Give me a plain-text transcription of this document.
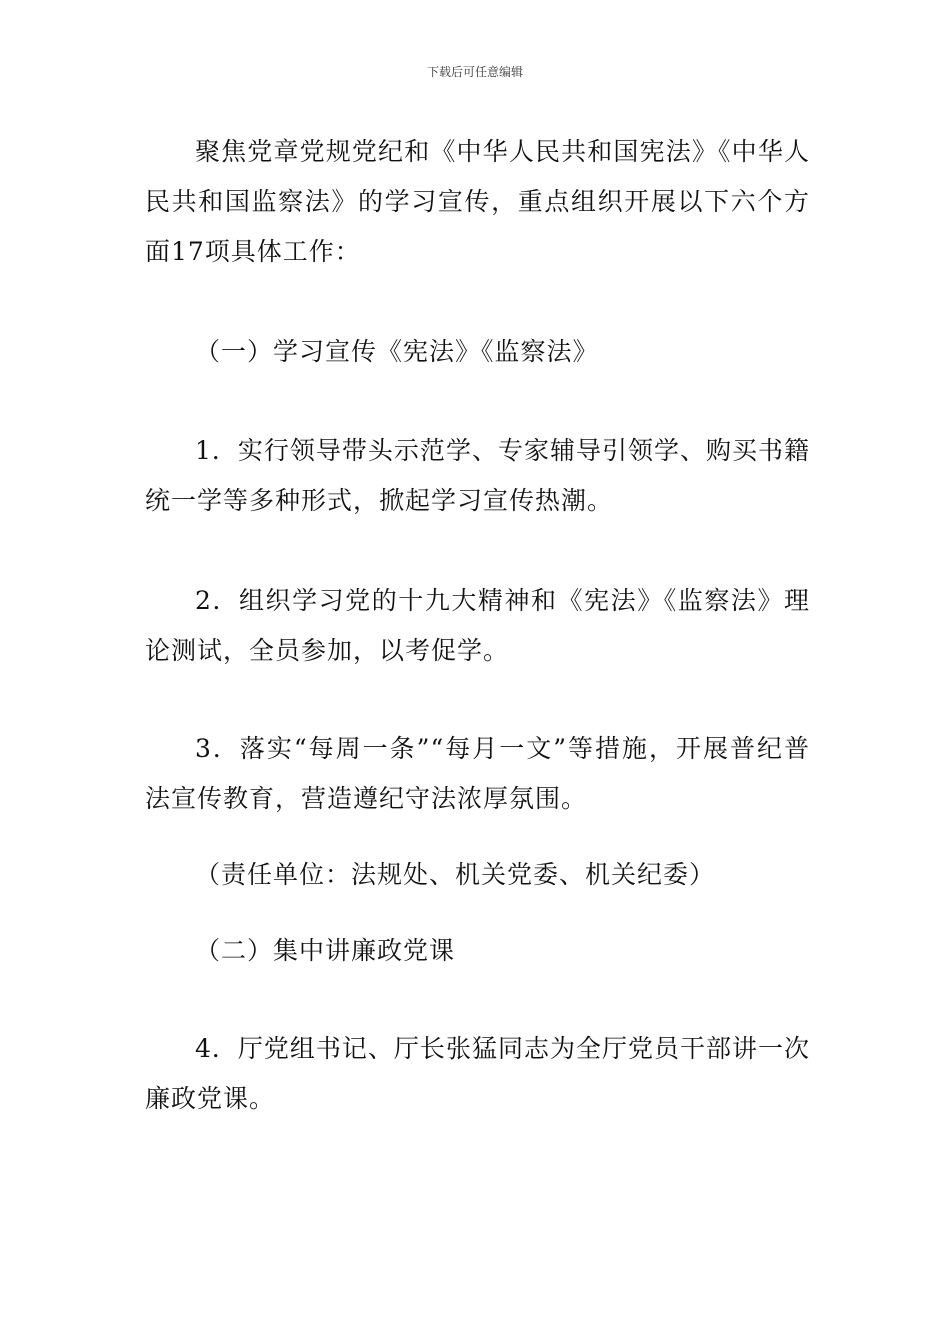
下载后可任意编辑

聚焦党章党规党纪和《中华人民共和国宪法》《中华人民共和国监察法》的学习宣传，重点组织开展以下六个方面17项具体工作：

（一）学习宣传《宪法》《监察法》

1．实行领导带头示范学、专家辅导引领学、购买书籍统一学等多种形式，掀起学习宣传热潮。

2．组织学习党的十九大精神和《宪法》《监察法》理论测试，全员参加，以考促学。

3．落实“每周一条”“每月一文”等措施，开展普纪普法宣传教育，营造遵纪守法浓厚氛围。

（责任单位：法规处、机关党委、机关纪委）

（二）集中讲廉政党课

4．厅党组书记、厅长张猛同志为全厅党员干部讲一次廉政党课。
